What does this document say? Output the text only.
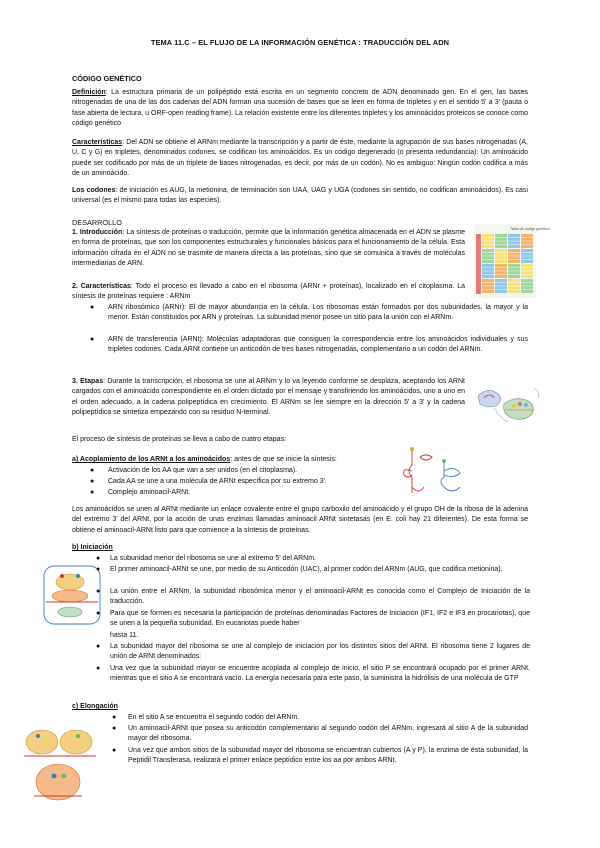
TEMA 11.C – EL FLUJO DE LA INFORMACIÓN GENÉTICA : TRADUCCIÓN DEL ADN
CÓDIGO GENÉTICO
Definición: La estructura primaria de un polipéptido está escrita en un segmento concreto de ADN denominado gen. En el gen, las bases nitrogenadas de una de las dos cadenas del ADN forman una sucesión de bases que se leen en forma de tripletes y en el sentido 5' a 3' (pauta o fase abierta de lectura, u ORF-open reading frame). La relación existente entre los diferentes tripletes y los aminoácidos proteicos se conoce como código genético
Características: Del ADN se obtiene el ARNm mediante la transcripción y a partir de éste, mediante la agrupación de sus bases nitrogenadas (A, U, C y G) en tripletes, denominados codones, se codifican los aminoácidos. Es un código degenerado (o presenta redundancia): Un aminoácido puede ser codificado por más de un triplete de bases nitrogenadas, es decir, por más de un codón). No es ambiguo: Ningún codón codifica a más de un aminoácido.
Los codones: de iniciación es AUG, la metionina, de terminación son UAA, UAG y UGA (codones sin sentido, no codifican aminoácidos). Es casi universal (es el mismo para todas las especies).
DESARROLLO
1. Introducción: La síntesis de proteínas o traducción, permite que la información genética almacenada en el ADN se plasme en forma de proteínas, que son los componentes estructurales y funcionales básicos para el funcionamiento de la célula. Esta información cifrada en el ADN no se trasmite de manera directa a las proteínas, sino que se comunica a través de moléculas intermediarias de ARN.
Tabla de código genético
2. Características: Todo el proceso es llevado a cabo en el ribosoma (ARNr + proteínas), localizado en el citoplasma. La síntesis de proteínas requiere : ARNm
● ARN ribosómico (ARNr): El de mayor abundancia en la célula. Los ribosomas están formados por dos subunidades, la mayor y la menor. Están constituidos por ARN y proteínas. La subunidad menor posee un sitio para la unión con el ARNm.
● ARN de transferencia (ARNt): Moléculas adaptadoras que consiguen la correspondencia entre los aminoácidos individuales y sus tripletes codones. Cada ARNt contiene un anticodón de tres bases nitrogenadas, complementario a un codón del ARNm.
3. Etapas: Durante la transcripción, el ribosoma se une al ARNm y lo va leyendo conforme se desplaza, aceptando los ARNt cargados con el aminoácido correspondiente en el orden dictado por el mensaje y transfiriendo los aminoácidos, uno a uno en el orden adecuado, a la cadena polipeptídica en crecimiento. El ARNm se lee siempre en la dirección 5' a 3' y la cadena polipeptídica se sintetiza empezando con su residuo N-terminal.
El proceso de síntesis de proteínas se lleva a cabo de cuatro etapas:
a) Acoplamiento de los ARNt a los aminoácidos: antes de que se inicie la síntesis:
● Activación de los AA que van a ser unidos (en el citoplasma).
● Cada AA se une a una molécula de ARNt específica por su extremo 3'.
● Complejo aminoacil-ARNt.
Los aminoácidos se unen al ARNt mediante un enlace covalente entre el grupo carboxilo del aminoácido y el grupo OH de la ribosa de la adenina del extremo 3' del ARNt, por la acción de unas enzimas llamadas aminoacil ARNt sintetasas (en E. coli hay 21 diferentes). De esta forma se obtiene el aminoacil-ARNt listo para que comience a la síntesis de proteínas.
b) Iniciación
● La subunidad menor del ribosoma se une al extremo 5' del ARNm.
● El primer aminoacil-ARNt se une, por medio de su Anticodón (UAC), al primer codón del ARNm (AUG, que codifica metionina).
● La unión entre el ARNm, la subunidad ribosómica menor y el aminoacil-ARNt es conocida como el Complejo de Iniciación de la traducción.
● Para que se formen es necesaria la participación de proteínas denominadas Factores de Iniciación (IF1, IF2 e IF3 en procariotas), que se unen a la pequeña subunidad. En eucariotas puede haber
hasta 11.
● La subunidad mayor del ribosoma se une al complejo de iniciación por los distintos sitios del ARNt. El ribosoma tiene 2 lugares de unión de ARNt denominados:
● Una vez que la subunidad mayor se encuentre acoplada al complejo de inicio, el sitio P se encontrará ocupado por el primer ARNt, mientras que el sitio A se encontrará vacío. La energía necesaria para este paso, la suministra la hidrólisis de una molécula de GTP
c) Elongación
● En el sitio A se encuentra el segundo codón del ARNm.
● Un aminoacil-ARNt que posea su anticodón complementario al segundo codón del ARNm, ingresará al sitio A de la subunidad mayor del ribosoma.
● Una vez que ambos sitios de la subunidad mayor del ribosoma se encuentran cubiertos (A y P), la enzima de ésta subunidad, la Peptidil Transferasa, realizará el primer enlace peptídico entre los aa por ambos ARNt.
